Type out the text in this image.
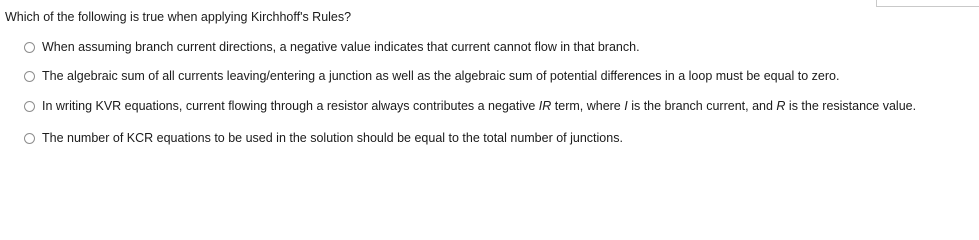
Which of the following is true when applying Kirchhoff's Rules?
When assuming branch current directions, a negative value indicates that current cannot flow in that branch.
The algebraic sum of all currents leaving/entering a junction as well as the algebraic sum of potential differences in a loop must be equal to zero.
In writing KVR equations, current flowing through a resistor always contributes a negative IR term, where I is the branch current, and R is the resistance value.
The number of KCR equations to be used in the solution should be equal to the total number of junctions.
